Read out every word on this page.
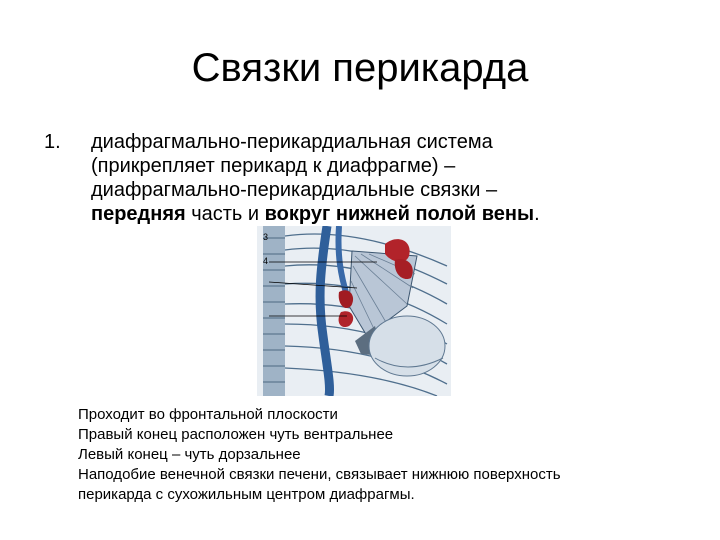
Связки перикарда
1. диафрагмально-перикардиальная система
(прикрепляет перикард к диафрагме) –
диафрагмально-перикардиальные связки –
передняя часть и вокруг нижней полой вены.
3
4
Проходит во фронтальной плоскости
Правый конец расположен чуть вентральнее
Левый конец – чуть дорзальнее
Наподобие венечной связки печени, связывает нижнюю поверхность
перикарда с сухожильным центром диафрагмы.
